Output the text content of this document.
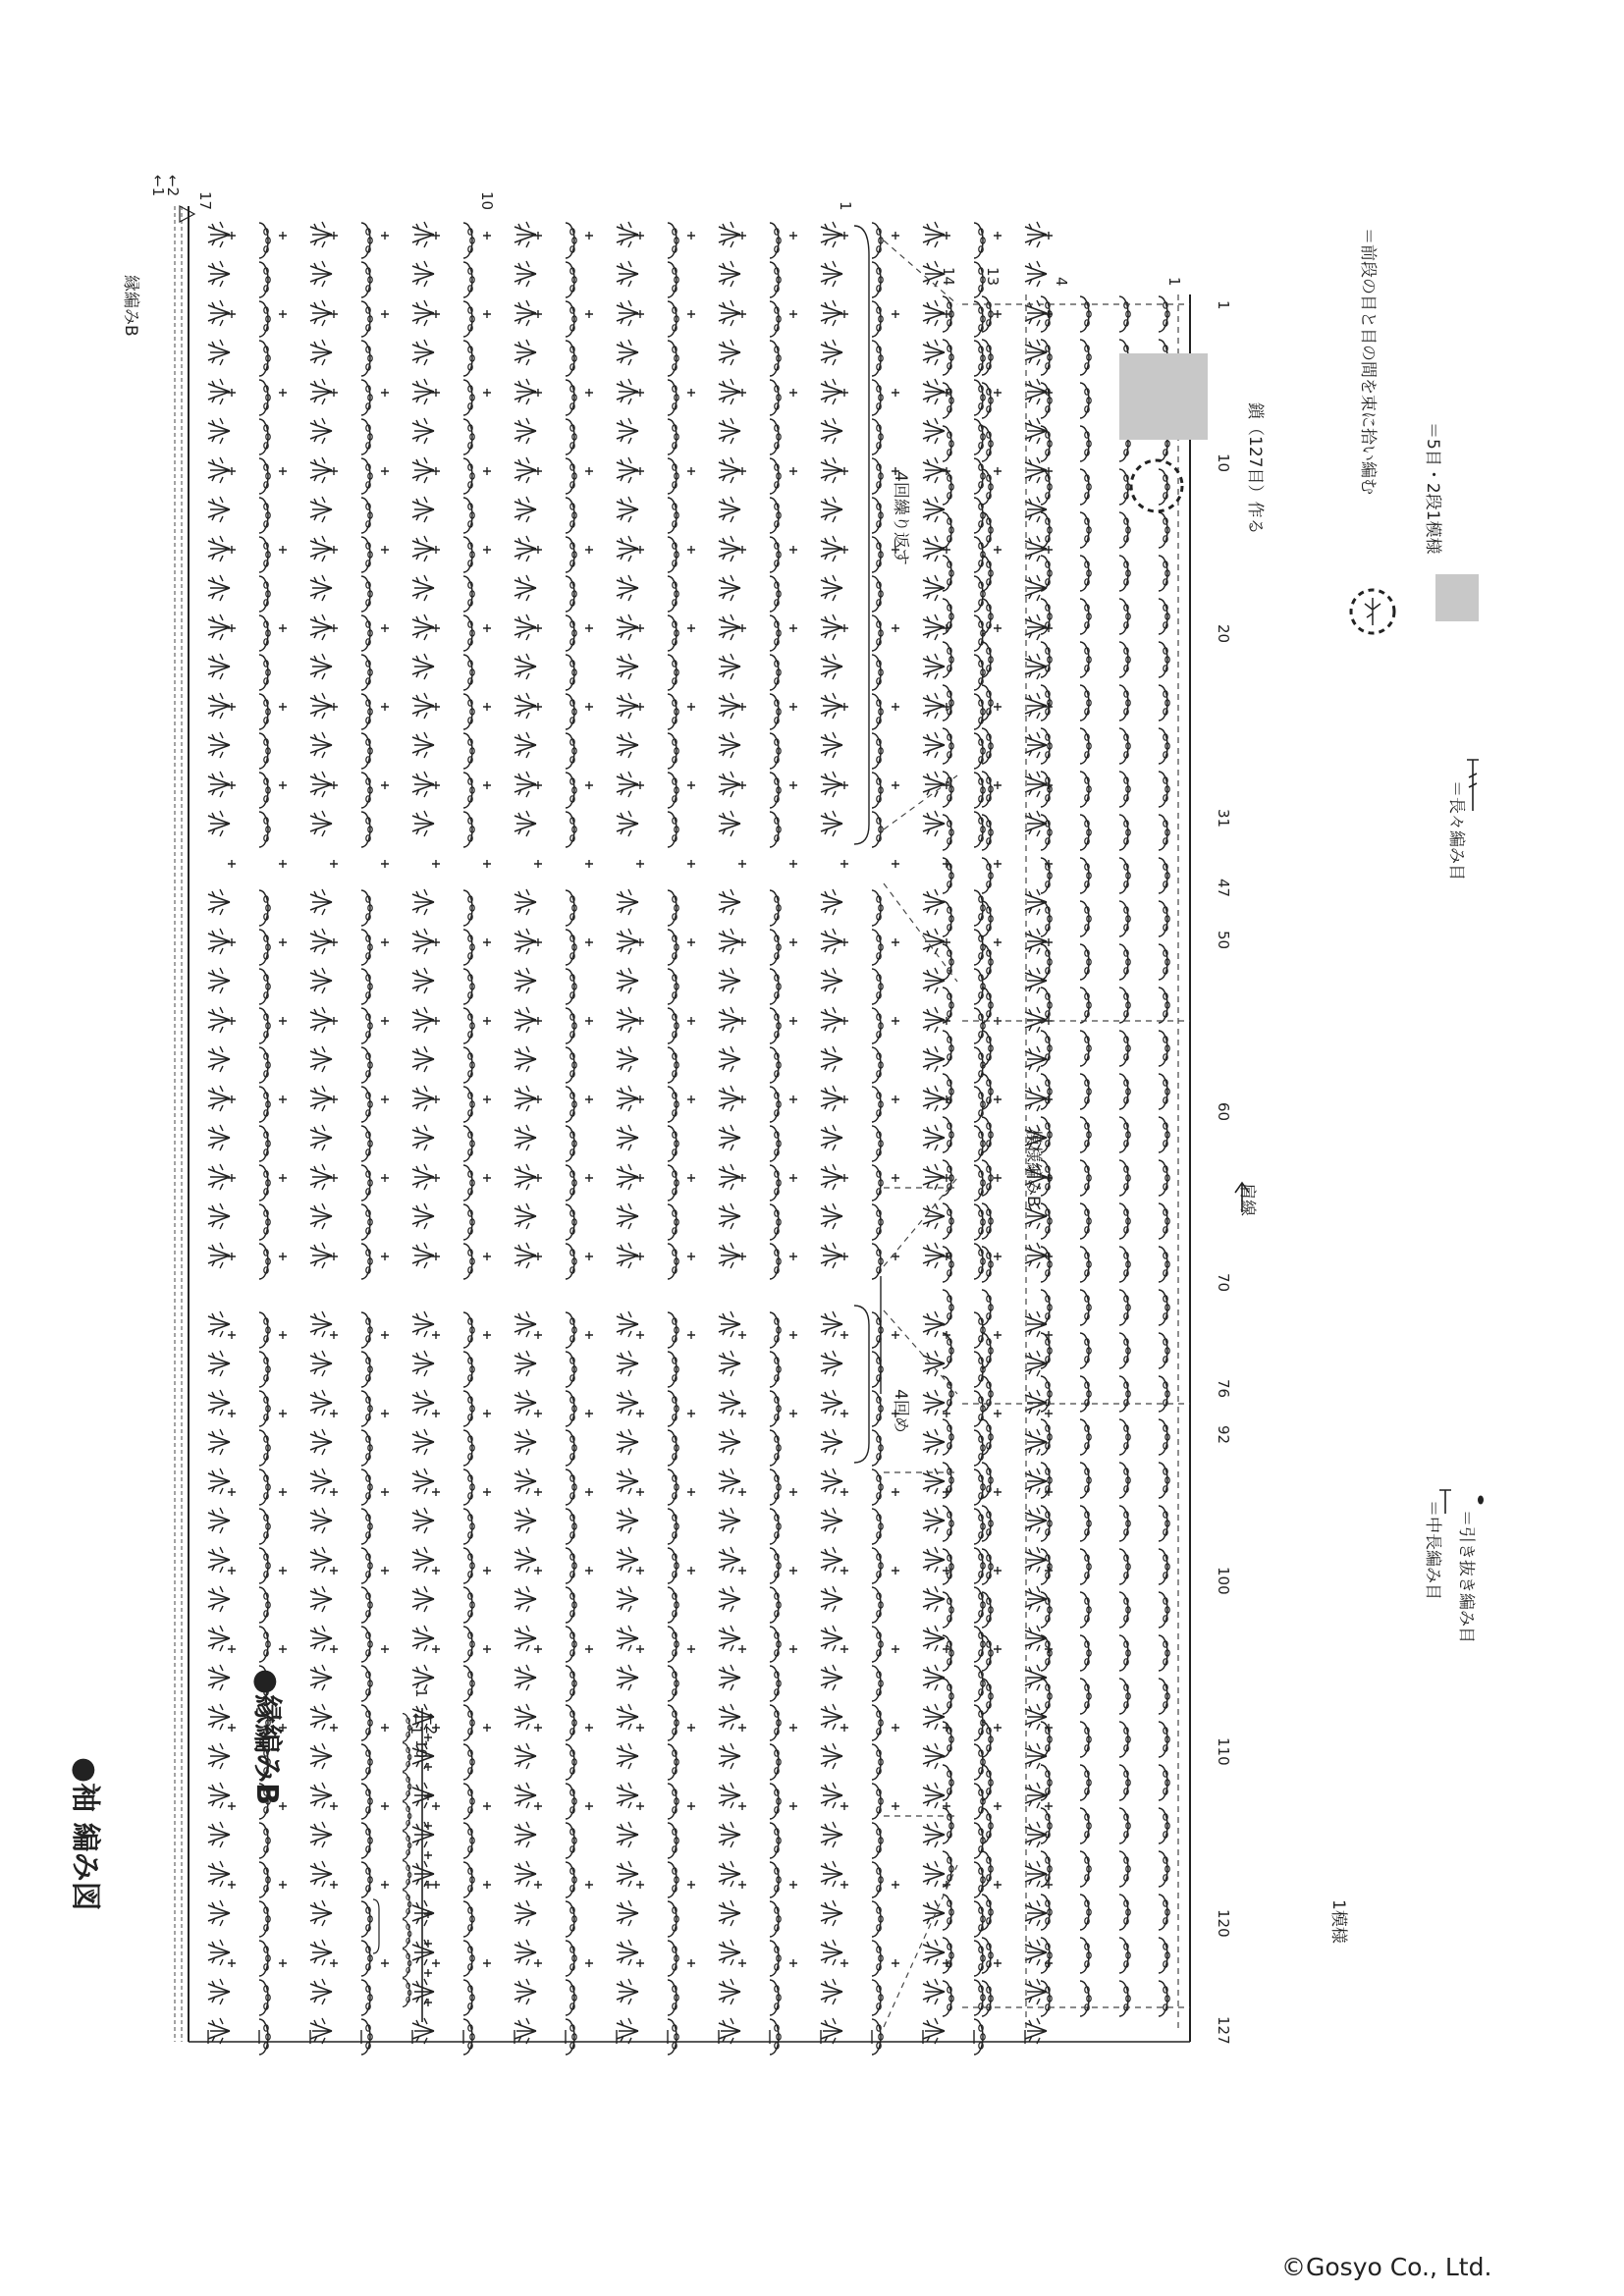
●袖 編み図
●縁編みB
縁編みB
4回繰り返す
4回め
模様編みB	肩線
鎖（127目）作る
1模様
←2
←1
←2
←1
17	10	1
14 13	4	1
1
10
20
31
47
50
60
70
76
92
100
110
120
127
10
1
＝長々編み目
＝中長編み目 ＝引き抜き編み目
＝前段の目と目の間を束に拾い編む	＝5目・2段1模様
©Gosyo Co., Ltd.
